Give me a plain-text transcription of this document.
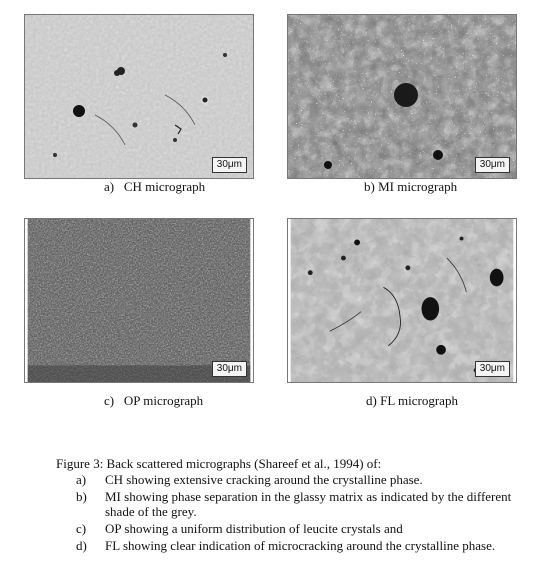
30μm
a) CH micrograph
30μm
b) MI micrograph
30μm
c) OP micrograph
30μm
d) FL micrograph
Figure 3: Back scattered micrographs (Shareef et al., 1994) of:
a) CH showing extensive cracking around the crystalline phase.
b) MI showing phase separation in the glassy matrix as indicated by the different shade of the grey.
c) OP showing a uniform distribution of leucite crystals and
d) FL showing clear indication of microcracking around the crystalline phase.
